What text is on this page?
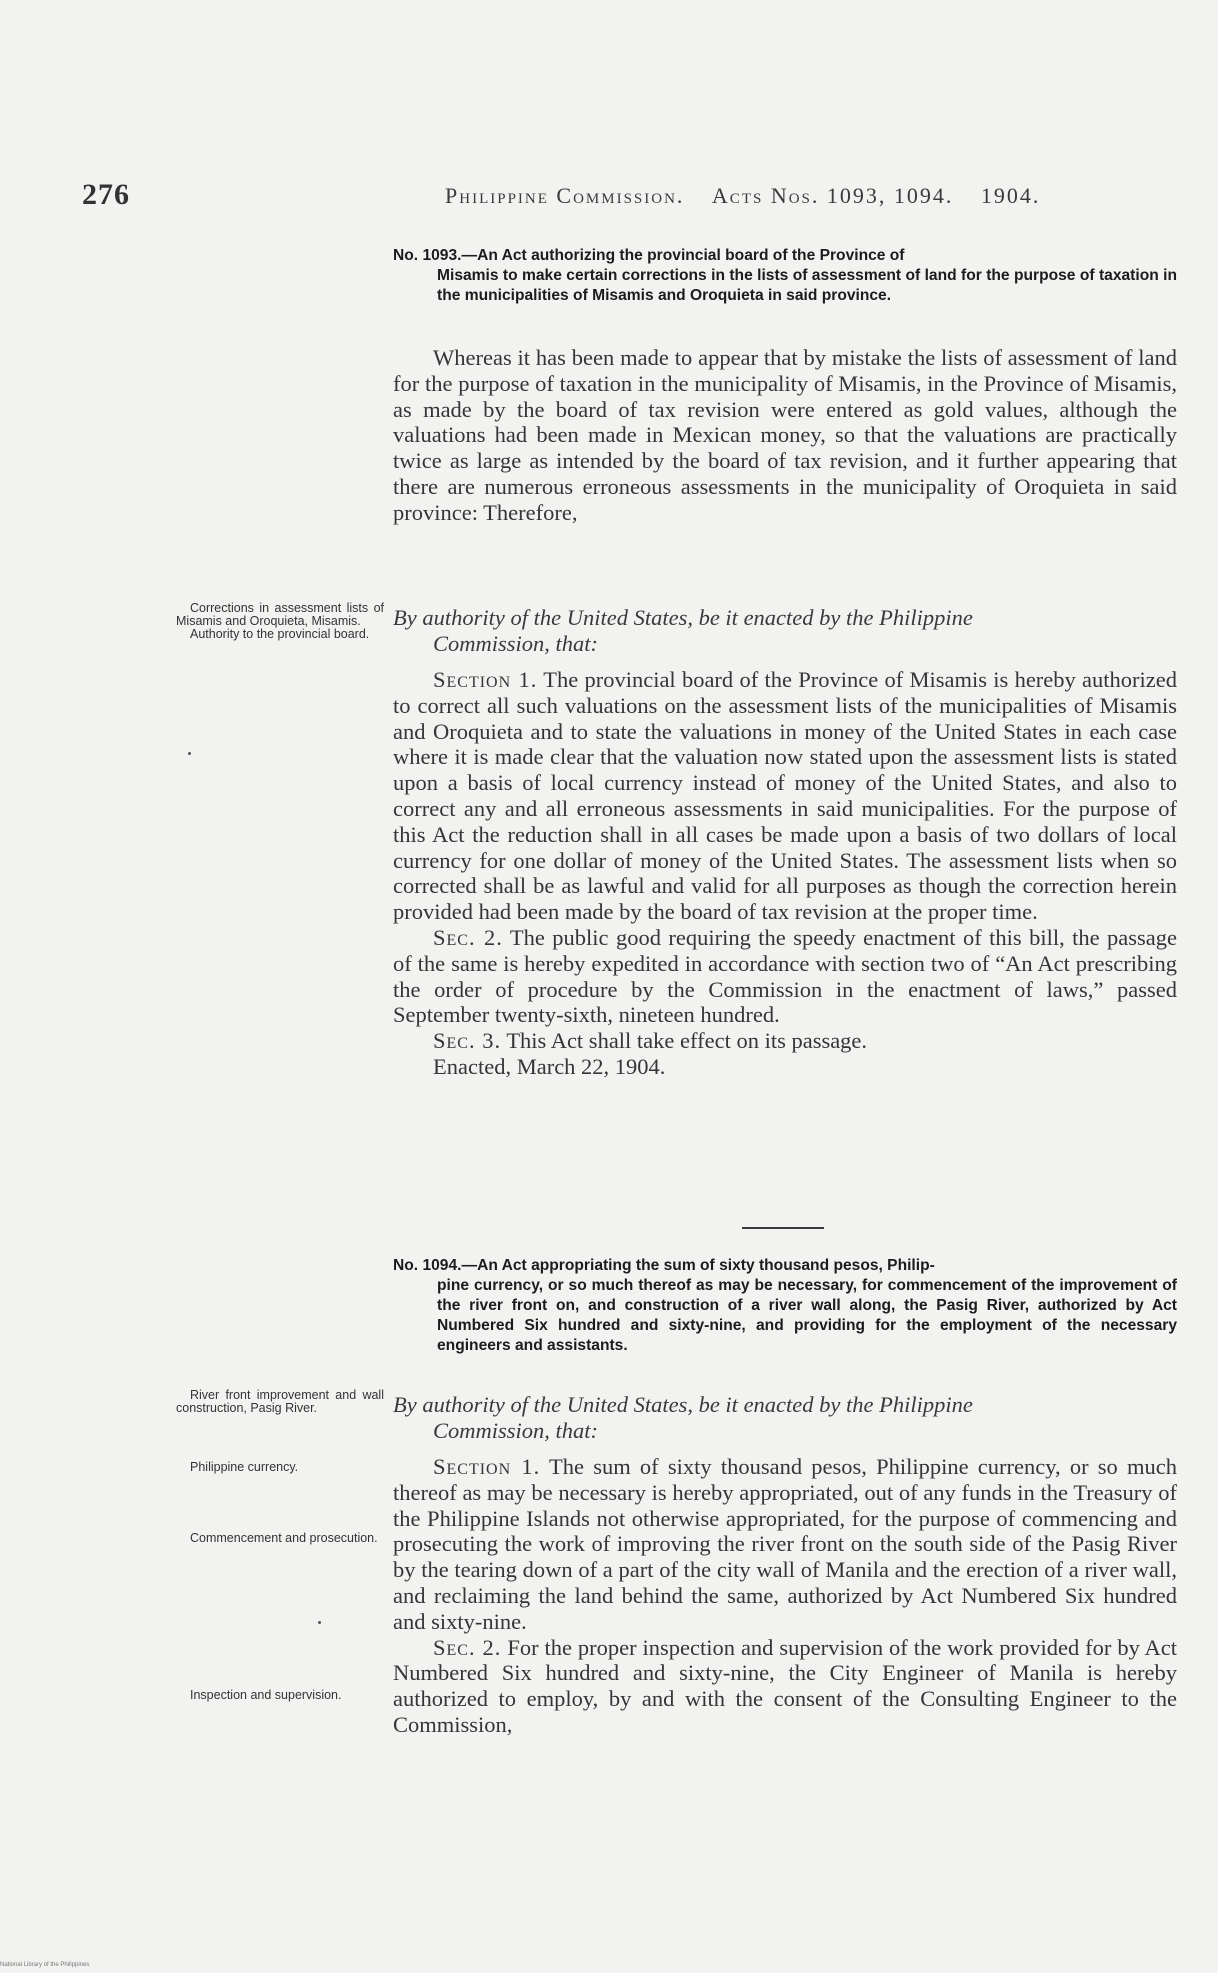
276	Philippine Commission. Acts Nos. 1093, 1094. 1904.
No. 1093.—An Act authorizing the provincial board of the Province of
Misamis to make certain corrections in the lists of assessment of land for the purpose of taxation in the municipalities of Misamis and Oroquieta in said province.

Whereas it has been made to appear that by mistake the lists of assessment of land for the purpose of taxation in the municipality of Misamis, in the Province of Misamis, as made by the board of tax revision were entered as gold values, although the valuations had been made in Mexican money, so that the valuations are practically twice as large as intended by the board of tax revision, and it further appearing that there are numerous erroneous assessments in the municipality of Oroquieta in said province: Therefore,

Corrections in assessment lists of Misamis and Oroquieta, Misamis.

Authority to the provincial board.

By authority of the United States, be it enacted by the Philippine
Commission, that:

Section 1. The provincial board of the Province of Misamis is hereby authorized to correct all such valuations on the assessment lists of the municipalities of Misamis and Oroquieta and to state the valuations in money of the United States in each case where it is made clear that the valuation now stated upon the assessment lists is stated upon a basis of local currency instead of money of the United States, and also to correct any and all erroneous assessments in said municipalities. For the purpose of this Act the reduction shall in all cases be made upon a basis of two dollars of local currency for one dollar of money of the United States. The assessment lists when so corrected shall be as lawful and valid for all purposes as though the correction herein provided had been made by the board of tax revision at the proper time.

Sec. 2. The public good requiring the speedy enactment of this bill, the passage of the same is hereby expedited in accordance with section two of “An Act prescribing the order of procedure by the Commission in the enactment of laws,” passed September twenty-sixth, nineteen hundred.

Sec. 3. This Act shall take effect on its passage.

Enacted, March 22, 1904.

No. 1094.—An Act appropriating the sum of sixty thousand pesos, Philip-
pine currency, or so much thereof as may be necessary, for commencement of the improvement of the river front on, and construction of a river wall along, the Pasig River, authorized by Act Numbered Six hundred and sixty-nine, and providing for the employment of the necessary engineers and assistants.

River front improvement and wall construction, Pasig River.

Philippine currency.

Commencement and prosecution.

Inspection and supervision.

By authority of the United States, be it enacted by the Philippine
Commission, that:

Section 1. The sum of sixty thousand pesos, Philippine currency, or so much thereof as may be necessary is hereby appropriated, out of any funds in the Treasury of the Philippine Islands not otherwise appropriated, for the purpose of commencing and prosecuting the work of improving the river front on the south side of the Pasig River by the tearing down of a part of the city wall of Manila and the erection of a river wall, and reclaiming the land behind the same, authorized by Act Numbered Six hundred and sixty-nine.

Sec. 2. For the proper inspection and supervision of the work provided for by Act Numbered Six hundred and sixty-nine, the City Engineer of Manila is hereby authorized to employ, by and with the consent of the Consulting Engineer to the Commission,

National Library of the Philippines
